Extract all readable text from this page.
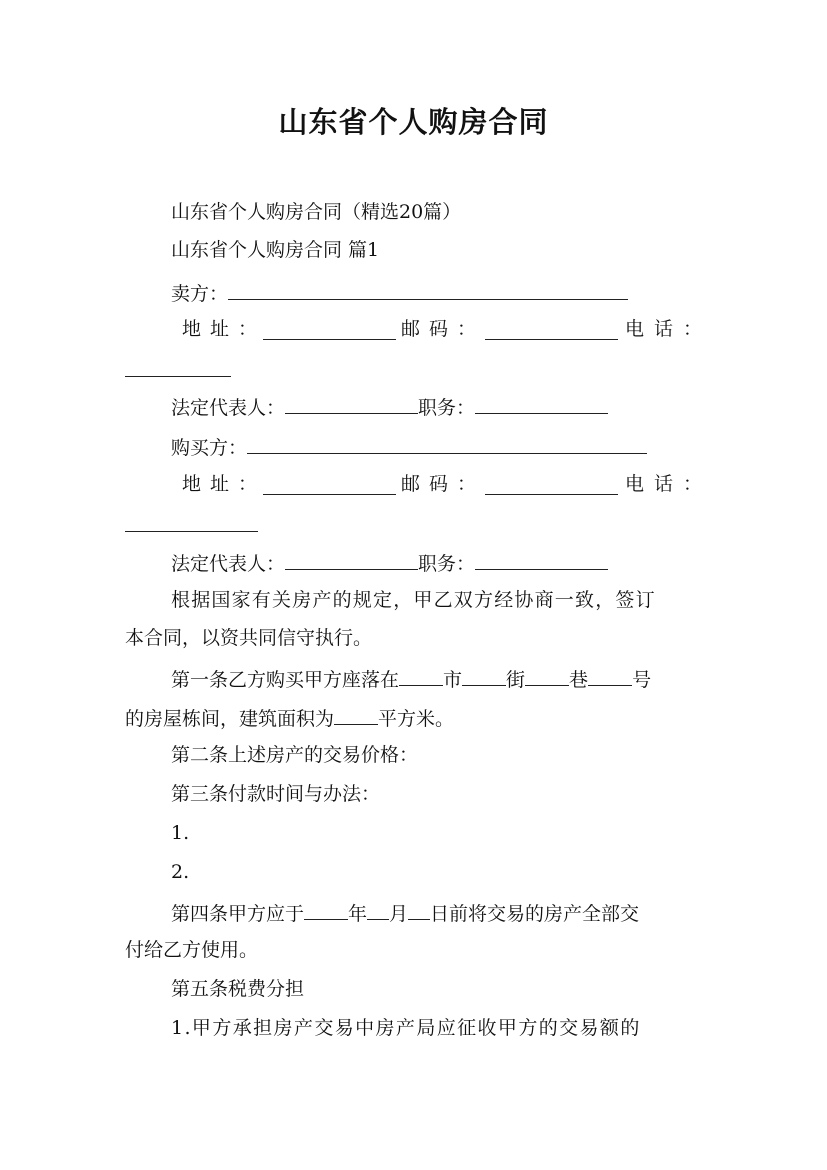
山东省个人购房合同
山东省个人购房合同（精选20篇）
山东省个人购房合同 篇1
卖方：
地址：	邮码：	电话：
法定代表人：	职务：
购买方：
地址：	邮码：	电话：
法定代表人：	职务：
根据国家有关房产的规定，甲乙双方经协商一致，签订
本合同，以资共同信守执行。
第一条乙方购买甲方座落在 市 街 巷 号
的房屋栋间，建筑面积为 平方米。
第二条上述房产的交易价格：
第三条付款时间与办法：
1.
2.
第四条甲方应于 年 月 日前将交易的房产全部交
付给乙方使用。
第五条税费分担
1.甲方承担房产交易中房产局应征收甲方的交易额的
